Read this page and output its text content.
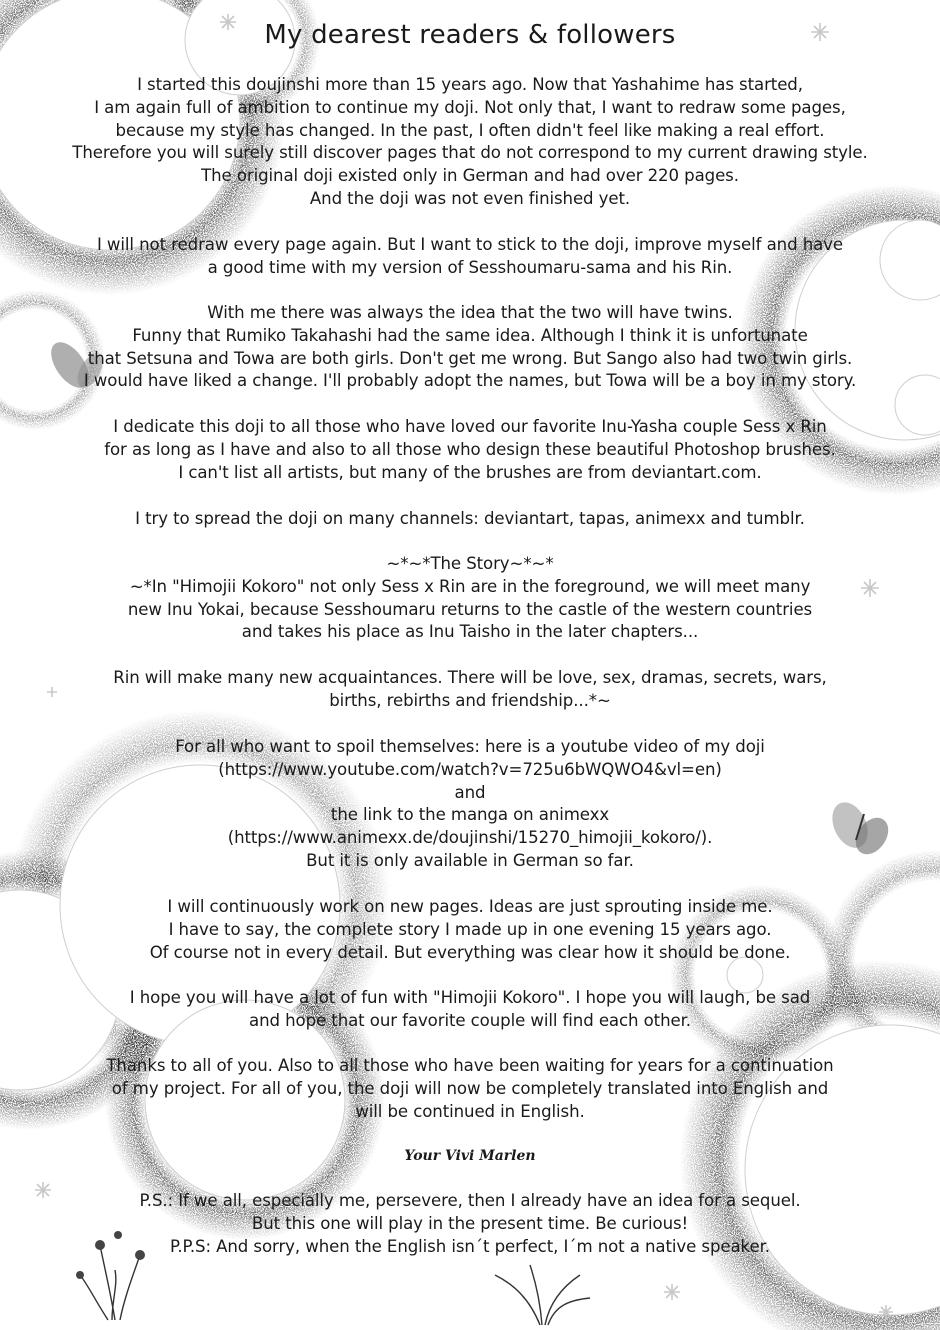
My dearest readers & followers
I started this doujinshi more than 15 years ago. Now that Yashahime has started,
I am again full of ambition to continue my doji. Not only that, I want to redraw some pages,
because my style has changed. In the past, I often didn't feel like making a real effort.
Therefore you will surely still discover pages that do not correspond to my current drawing style.
The original doji existed only in German and had over 220 pages.
And the doji was not even finished yet.
I will not redraw every page again. But I want to stick to the doji, improve myself and have
a good time with my version of Sesshoumaru-sama and his Rin.
With me there was always the idea that the two will have twins.
Funny that Rumiko Takahashi had the same idea. Although I think it is unfortunate
that Setsuna and Towa are both girls. Don't get me wrong. But Sango also had two twin girls.
I would have liked a change. I'll probably adopt the names, but Towa will be a boy in my story.
I dedicate this doji to all those who have loved our favorite Inu-Yasha couple Sess x Rin
for as long as I have and also to all those who design these beautiful Photoshop brushes.
I can't list all artists, but many of the brushes are from deviantart.com.
I try to spread the doji on many channels: deviantart, tapas, animexx and tumblr.
~*~*The Story~*~*
~*In "Himojii Kokoro" not only Sess x Rin are in the foreground, we will meet many
new Inu Yokai, because Sesshoumaru returns to the castle of the western countries
and takes his place as Inu Taisho in the later chapters...
Rin will make many new acquaintances. There will be love, sex, dramas, secrets, wars,
births, rebirths and friendship...*~
For all who want to spoil themselves: here is a youtube video of my doji
(https://www.youtube.com/watch?v=725u6bWQWO4&vl=en)
and
the link to the manga on animexx
(https://www.animexx.de/doujinshi/15270_himojii_kokoro/).
But it is only available in German so far.
I will continuously work on new pages. Ideas are just sprouting inside me.
I have to say, the complete story I made up in one evening 15 years ago.
Of course not in every detail. But everything was clear how it should be done.
I hope you will have a lot of fun with "Himojii Kokoro". I hope you will laugh, be sad
and hope that our favorite couple will find each other.
Thanks to all of you. Also to all those who have been waiting for years for a continuation
of my project. For all of you, the doji will now be completely translated into English and
will be continued in English.
Your Vivi Marlen
P.S.: If we all, especially me, persevere, then I already have an idea for a sequel.
But this one will play in the present time. Be curious!
P.P.S: And sorry, when the English isn´t perfect, I´m not a native speaker.
